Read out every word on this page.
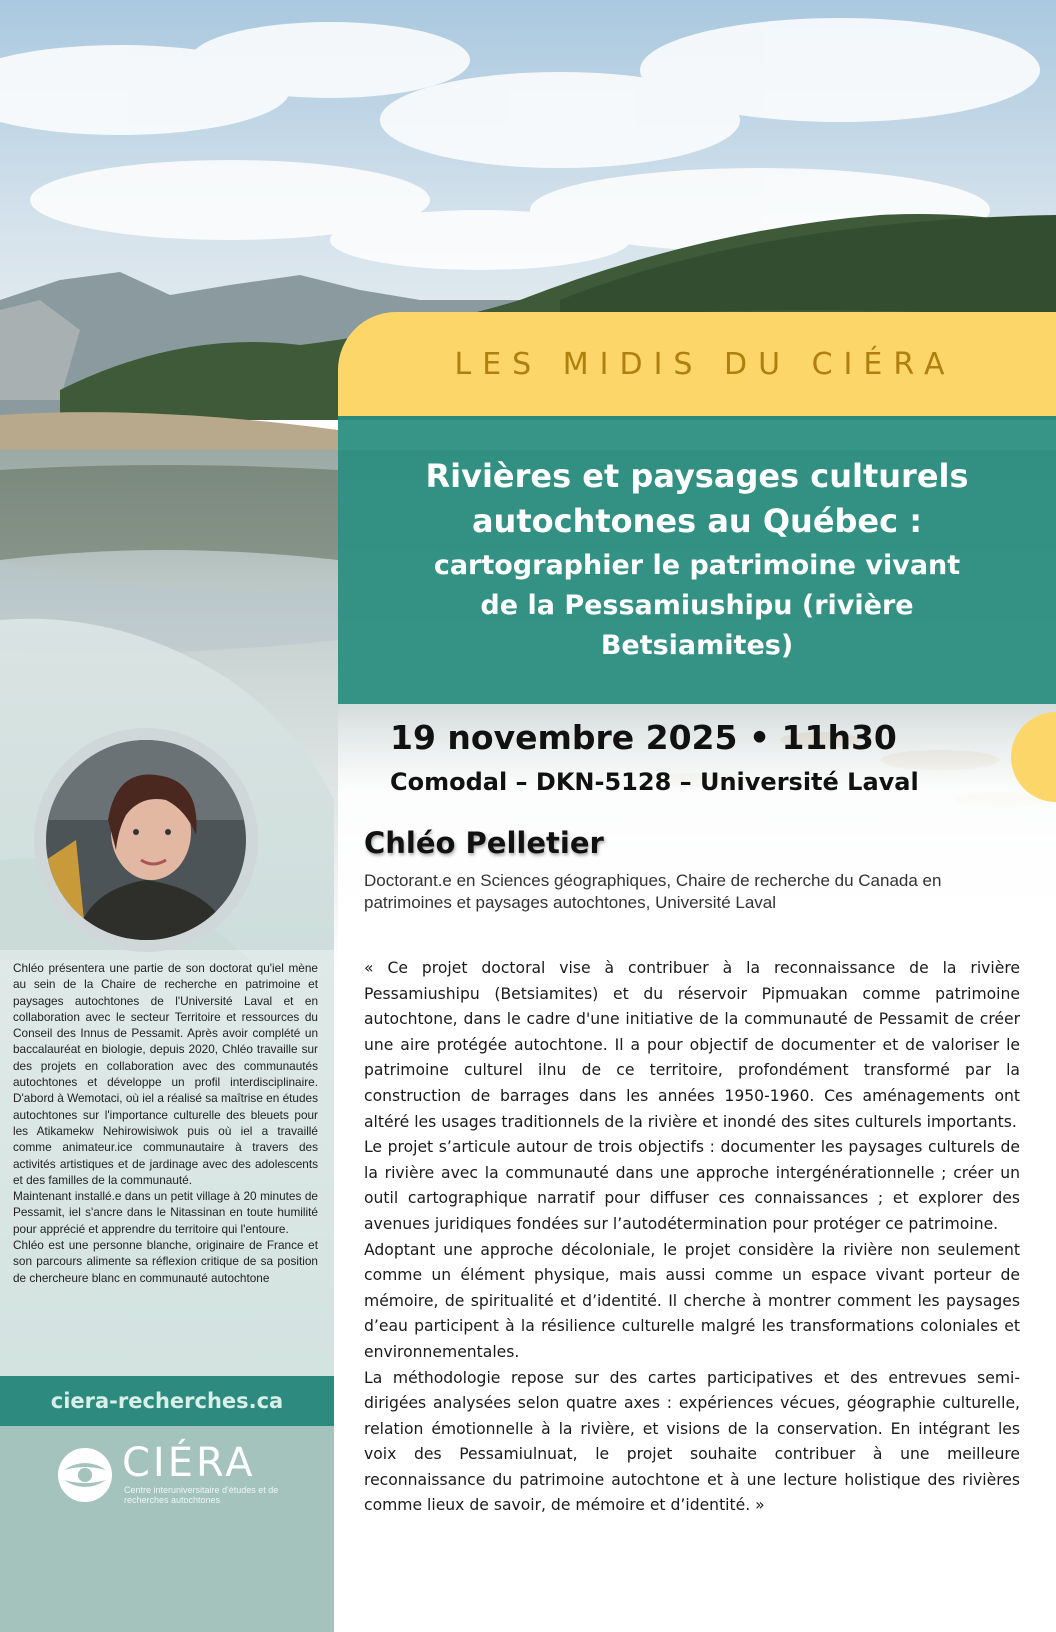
LES MIDIS DU CIÉRA
Rivières et paysages culturels autochtones au Québec :
cartographier le patrimoine vivant de la Pessamiushipu (rivière Betsiamites)
19 novembre 2025 • 11h30
Comodal – DKN-5128 – Université Laval
Chléo Pelletier
Doctorant.e en Sciences géographiques, Chaire de recherche du Canada en patrimoines et paysages autochtones, Université Laval

« Ce projet doctoral vise à contribuer à la reconnaissance de la rivière Pessamiushipu (Betsiamites) et du réservoir Pipmuakan comme patrimoine autochtone, dans le cadre d'une initiative de la communauté de Pessamit de créer une aire protégée autochtone. Il a pour objectif de documenter et de valoriser le patrimoine culturel ilnu de ce territoire, profondément transformé par la construction de barrages dans les années 1950-1960. Ces aménagements ont altéré les usages traditionnels de la rivière et inondé des sites culturels importants.

Le projet s’articule autour de trois objectifs : documenter les paysages culturels de la rivière avec la communauté dans une approche intergénérationnelle ; créer un outil cartographique narratif pour diffuser ces connaissances ; et explorer des avenues juridiques fondées sur l’autodétermination pour protéger ce patrimoine.

Adoptant une approche décoloniale, le projet considère la rivière non seulement comme un élément physique, mais aussi comme un espace vivant porteur de mémoire, de spiritualité et d’identité. Il cherche à montrer comment les paysages d’eau participent à la résilience culturelle malgré les transformations coloniales et environnementales.

La méthodologie repose sur des cartes participatives et des entrevues semi-dirigées analysées selon quatre axes : expériences vécues, géographie culturelle, relation émotionnelle à la rivière, et visions de la conservation. En intégrant les voix des Pessamiulnuat, le projet souhaite contribuer à une meilleure reconnaissance du patrimoine autochtone et à une lecture holistique des rivières comme lieux de savoir, de mémoire et d’identité. »

Chléo présentera une partie de son doctorat qu'iel mène au sein de la Chaire de recherche en patrimoine et paysages autochtones de l'Université Laval et en collaboration avec le secteur Territoire et ressources du Conseil des Innus de Pessamit. Après avoir complété un baccalauréat en biologie, depuis 2020, Chléo travaille sur des projets en collaboration avec des communautés autochtones et développe un profil interdisciplinaire. D'abord à Wemotaci, où iel a réalisé sa maîtrise en études autochtones sur l'importance culturelle des bleuets pour les Atikamekw Nehirowisiwok puis où iel a travaillé comme animateur.ice communautaire à travers des activités artistiques et de jardinage avec des adolescents et des familles de la communauté.

Maintenant installé.e dans un petit village à 20 minutes de Pessamit, iel s'ancre dans le Nitassinan en toute humilité pour apprécié et apprendre du territoire qui l'entoure.

Chléo est une personne blanche, originaire de France et son parcours alimente sa réflexion critique de sa position de chercheure blanc en communauté autochtone

ciera-recherches.ca
CIÉRA
Centre interuniversitaire d'études et de recherches autochtones
